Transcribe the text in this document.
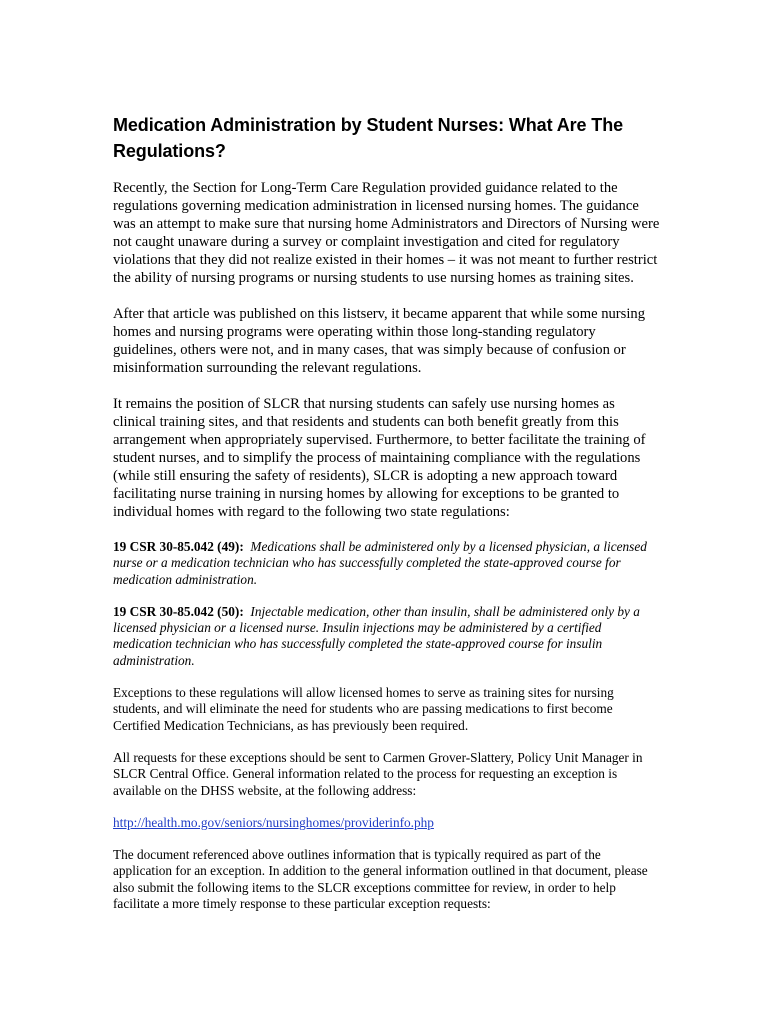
Medication Administration by Student Nurses: What Are The Regulations?

Recently, the Section for Long-Term Care Regulation provided guidance related to the regulations governing medication administration in licensed nursing homes. The guidance was an attempt to make sure that nursing home Administrators and Directors of Nursing were not caught unaware during a survey or complaint investigation and cited for regulatory violations that they did not realize existed in their homes – it was not meant to further restrict the ability of nursing programs or nursing students to use nursing homes as training sites.

After that article was published on this listserv, it became apparent that while some nursing homes and nursing programs were operating within those long-standing regulatory guidelines, others were not, and in many cases, that was simply because of confusion or misinformation surrounding the relevant regulations.

It remains the position of SLCR that nursing students can safely use nursing homes as clinical training sites, and that residents and students can both benefit greatly from this arrangement when appropriately supervised. Furthermore, to better facilitate the training of student nurses, and to simplify the process of maintaining compliance with the regulations (while still ensuring the safety of residents), SLCR is adopting a new approach toward facilitating nurse training in nursing homes by allowing for exceptions to be granted to individual homes with regard to the following two state regulations:

19 CSR 30-85.042 (49): Medications shall be administered only by a licensed physician, a licensed nurse or a medication technician who has successfully completed the state-approved course for medication administration.

19 CSR 30-85.042 (50): Injectable medication, other than insulin, shall be administered only by a licensed physician or a licensed nurse. Insulin injections may be administered by a certified medication technician who has successfully completed the state-approved course for insulin administration.

Exceptions to these regulations will allow licensed homes to serve as training sites for nursing students, and will eliminate the need for students who are passing medications to first become Certified Medication Technicians, as has previously been required.

All requests for these exceptions should be sent to Carmen Grover-Slattery, Policy Unit Manager in SLCR Central Office. General information related to the process for requesting an exception is available on the DHSS website, at the following address:

http://health.mo.gov/seniors/nursinghomes/providerinfo.php

The document referenced above outlines information that is typically required as part of the application for an exception. In addition to the general information outlined in that document, please also submit the following items to the SLCR exceptions committee for review, in order to help facilitate a more timely response to these particular exception requests:
